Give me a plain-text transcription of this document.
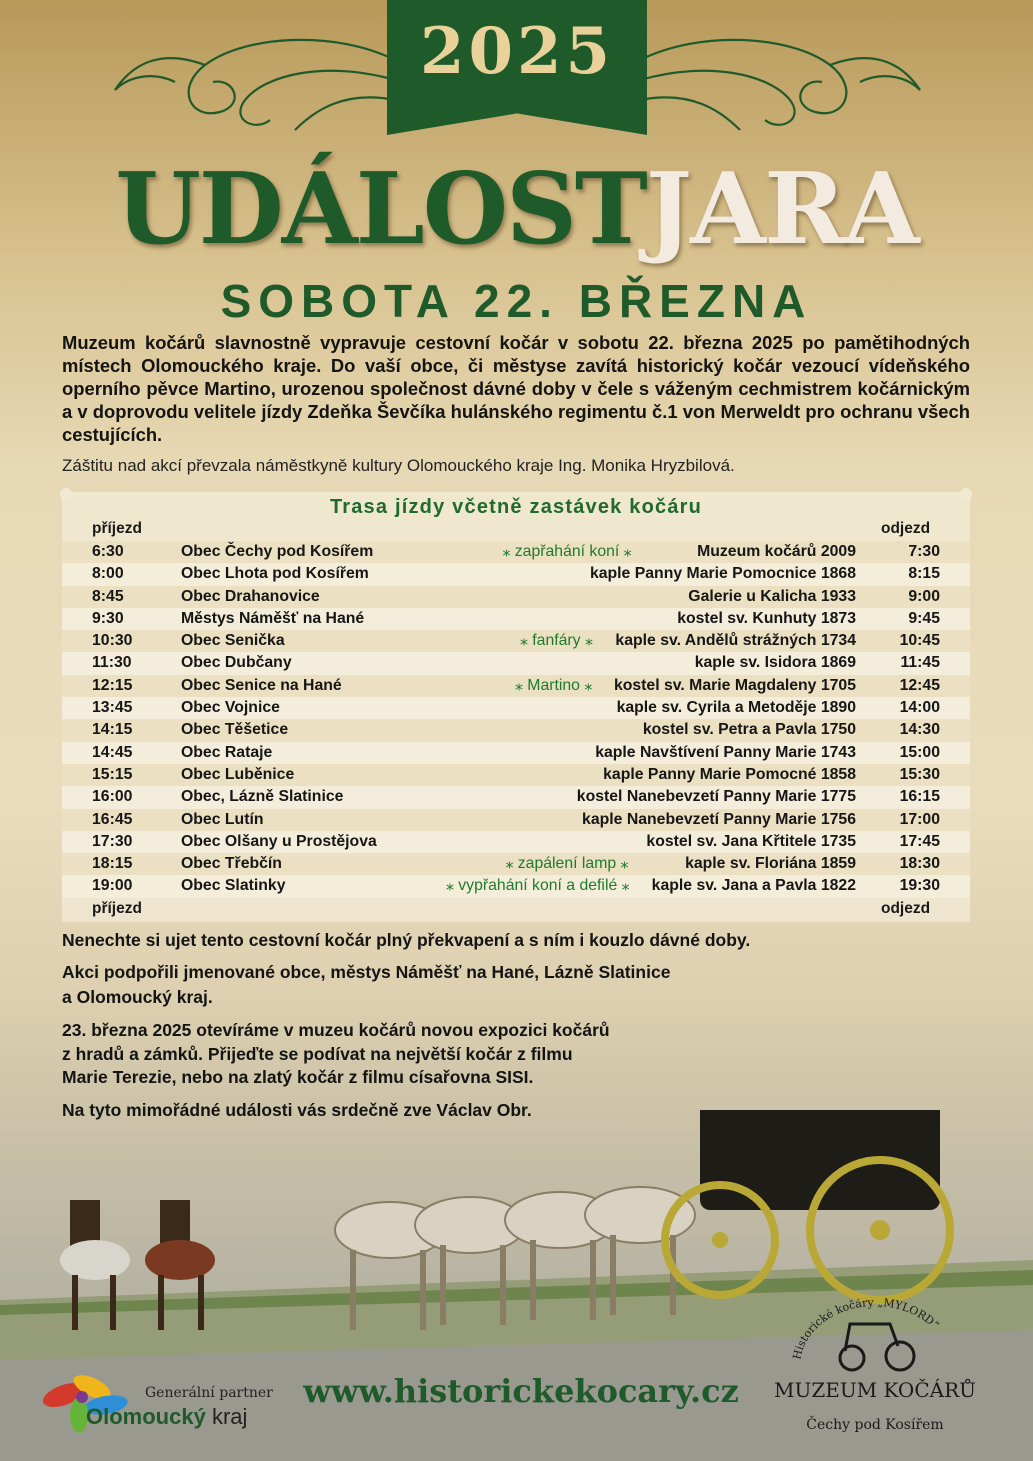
2025
UDÁLOSTJARA
SOBOTA 22. BŘEZNA
Muzeum kočárů slavnostně vypravuje cestovní kočár v sobotu 22. března 2025 po pamětihodných místech Olomouckého kraje. Do vaší obce, či městyse zavítá historický kočár vezoucí vídeňského operního pěvce Martino, urozenou společnost dávné doby v čele s váženým cechmistrem kočárnickým a v doprovodu velitele jízdy Zdeňka Ševčíka hulánského regimentu č.1 von Merweldt pro ochranu všech cestujících.
Záštitu nad akcí převzala náměstkyně kultury Olomouckého kraje Ing. Monika Hryzbilová.
Trasa jízdy včetně zastávek kočáru
příjezd	odjezd
6:30	Obec Čechy pod Kosířem	Muzeum kočárů 2009	7:30
⁎ zapřahání koní ⁎
8:00	Obec Lhota pod Kosířem	kaple Panny Marie Pomocnice 1868	8:15
8:45	Obec Drahanovice	Galerie u Kalicha 1933	9:00
9:30	Městys Náměšť na Hané	kostel sv. Kunhuty 1873	9:45
10:30	Obec Senička	kaple sv. Andělů strážných 1734	10:45
⁎ fanfáry ⁎
11:30	Obec Dubčany	kaple sv. Isidora 1869	11:45
12:15	Obec Senice na Hané	kostel sv. Marie Magdaleny 1705	12:45
⁎ Martino ⁎
13:45	Obec Vojnice	kaple sv. Cyrila a Metoděje 1890	14:00
14:15	Obec Těšetice	kostel sv. Petra a Pavla 1750	14:30
14:45	Obec Rataje	kaple Navštívení Panny Marie 1743	15:00
15:15	Obec Luběnice	kaple Panny Marie Pomocné 1858	15:30
16:00	Obec, Lázně Slatinice	kostel Nanebevzetí Panny Marie 1775	16:15
16:45	Obec Lutín	kaple Nanebevzetí Panny Marie 1756	17:00
17:30	Obec Olšany u Prostějova	kostel sv. Jana Křtitele 1735	17:45
18:15	Obec Třebčín	kaple sv. Floriána 1859	18:30
⁎ zapálení lamp ⁎
19:00	Obec Slatinky	kaple sv. Jana a Pavla 1822	19:30
⁎ vypřahání koní a defilé ⁎
příjezd	odjezd
Nenechte si ujet tento cestovní kočár plný překvapení a s ním i kouzlo dávné doby.
Akci podpořili jmenované obce, městys Náměšť na Hané, Lázně Slatinice
a Olomoucký kraj.
23. března 2025 otevíráme v muzeu kočárů novou expozici kočárů
z hradů a zámků. Přijeďte se podívat na největší kočár z filmu
Marie Terezie, nebo na zlatý kočár z filmu císařovna SISI.
Na tyto mimořádné události vás srdečně zve Václav Obr.
Generální partner
Olomoucký kraj
www.historickekocary.cz
Historické kočáry „MYLORD“
MUZEUM KOČÁRŮ
Čechy pod Kosířem
